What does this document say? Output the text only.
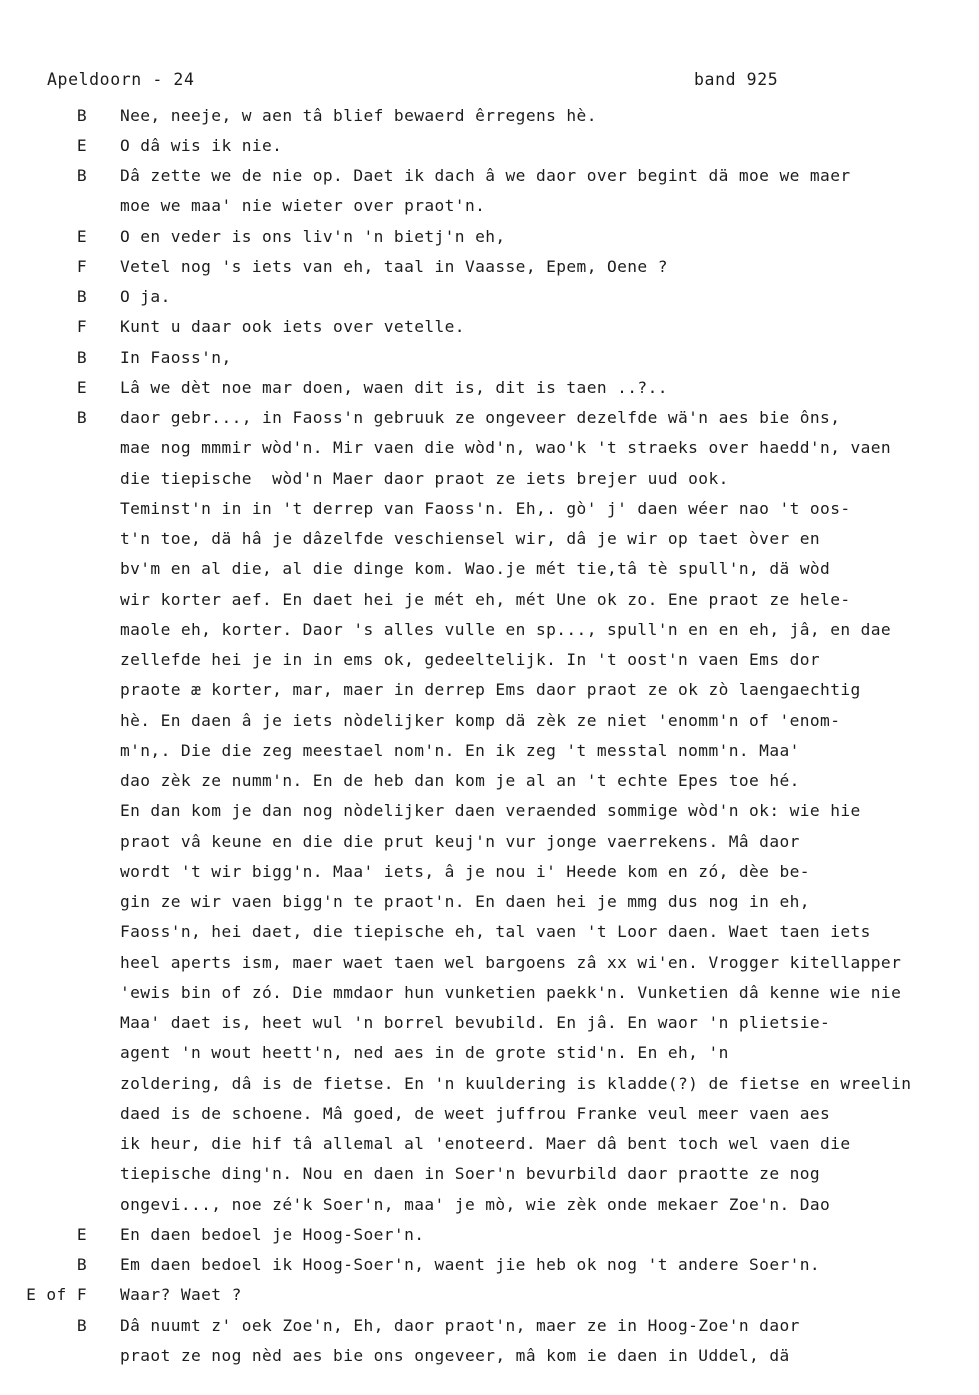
Apeldoorn - 24	band 925
B	Nee, neeje, w aen tâ blief bewaerd êrregens hè.
E	O dâ wis ik nie.
B	Dâ zette we de nie op. Daet ik dach â we daor over begint dä moe we maer
moe we maa' nie wieter over praot'n.
E	O en veder is ons liv'n 'n bietj'n eh,
F	Vetel nog 's iets van eh, taal in Vaasse, Epem, Oene ?
B	O ja.
F	Kunt u daar ook iets over vetelle.
B	In Faoss'n,
E	Lâ we dèt noe mar doen, waen dit is, dit is taen ..?..
B	daor gebr..., in Faoss'n gebruuk ze ongeveer dezelfde wä'n aes bie ôns,
mae nog mmmir wòd'n. Mir vaen die wòd'n, wao'k 't straeks over haedd'n, vaen
die tiepische  wòd'n Maer daor praot ze iets brejer uud ook.
Teminst'n in in 't derrep van Faoss'n. Eh,. gò' j' daen wéer nao 't oos-
t'n toe, dä hâ je dâzelfde veschiensel wir, dâ je wir op taet òver en
bv'm en al die, al die dinge kom. Wao.je mét tie,tâ tè spull'n, dä wòd
wir korter aef. En daet hei je mét eh, mét Une ok zo. Ene praot ze hele-
maole eh, korter. Daor 's alles vulle en sp..., spull'n en en eh, jâ, en dae
zellefde hei je in in ems ok, gedeeltelijk. In 't oost'n vaen Ems dor
praote æ korter, mar, maer in derrep Ems daor praot ze ok zò laengaechtig
hè. En daen â je iets nòdelijker komp dä zèk ze niet 'enomm'n of 'enom-
m'n,. Die die zeg meestael nom'n. En ik zeg 't messtal nomm'n. Maa'
dao zèk ze numm'n. En de heb dan kom je al an 't echte Epes toe hé.
En dan kom je dan nog nòdelijker daen veraended sommige wòd'n ok: wie hie
praot vâ keune en die die prut keuj'n vur jonge vaerrekens. Mâ daor
wordt 't wir bigg'n. Maa' iets, â je nou i' Heede kom en zó, dèe be-
gin ze wir vaen bigg'n te praot'n. En daen hei je mmg dus nog in eh,
Faoss'n, hei daet, die tiepische eh, tal vaen 't Loor daen. Waet taen iets
heel aperts ism, maer waet taen wel bargoens zâ xx wi'en. Vrogger kitellapper
'ewis bin of zó. Die mmdaor hun vunketien paekk'n. Vunketien dâ kenne wie nie
Maa' daet is, heet wul 'n borrel bevubild. En jâ. En waor 'n plietsie-
agent 'n wout heett'n, ned aes in de grote stid'n. En eh, 'n
zoldering, dâ is de fietse. En 'n kuuldering is kladde(?) de fietse en wreelin
daed is de schoene. Mâ goed, de weet juffrou Franke veul meer vaen aes
ik heur, die hif tâ allemal al 'enoteerd. Maer dâ bent toch wel vaen die
tiepische ding'n. Nou en daen in Soer'n bevurbild daor praotte ze nog
ongevi..., noe zé'k Soer'n, maa' je mò, wie zèk onde mekaer Zoe'n. Dao
E	En daen bedoel je Hoog-Soer'n.
B	Em daen bedoel ik Hoog-Soer'n, waent jie heb ok nog 't andere Soer'n.
E of F	Waar? Waet ?
B	Dâ nuumt z' oek Zoe'n, Eh, daor praot'n, maer ze in Hoog-Zoe'n daor
praot ze nog nèd aes bie ons ongeveer, mâ kom ie daen in Uddel, dä
